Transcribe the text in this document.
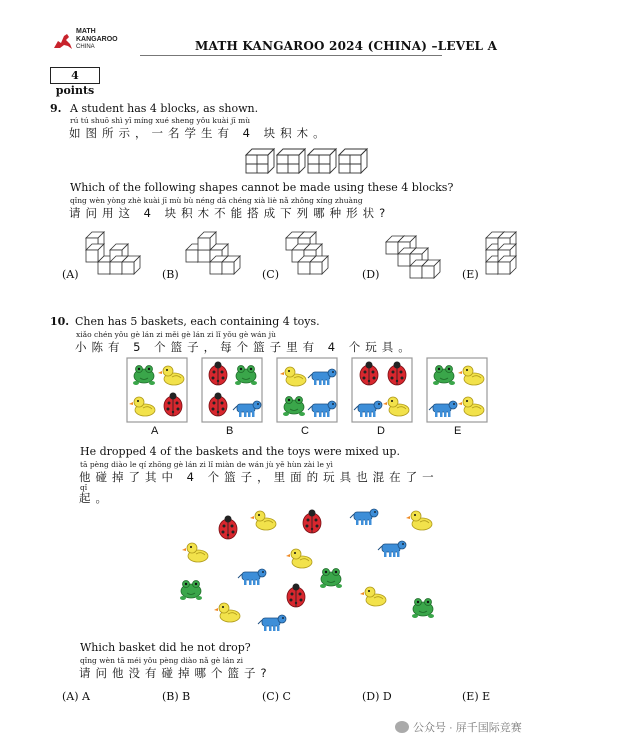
MATH
KANGAROO
CHINA	MATH KANGAROO 2024 (CHINA) –LEVEL A
4 points
9. A student has 4 blocks, as shown.
rú tú shuō shì yī míng xué sheng yǒu kuài jī mù
如图所示，一名学生有 4 块积木。
Which of the following shapes cannot be made using these 4 blocks?
qǐng wèn yòng zhè kuài jī mù bù néng dā chéng xià liè nǎ zhǒng xíng zhuàng
请问用这 4 块积木不能搭成下列哪种形状?
(A)	(B)	(C)	(D)	(E)
10. Chen has 5 baskets, each containing 4 toys.
xiǎo chén yǒu gè lán zi měi gè lán zi lǐ yǒu gè wán jù
小陈有 5 个篮子，每个篮子里有 4 个玩具。
A	B	C	D	E
He dropped 4 of the baskets and the toys were mixed up.
tā pèng diào le qí zhōng gè lán zi lǐ miàn de wán jù yě hùn zài le yì
他碰掉了其中 4 个篮子，里面的玩具也混在了一
qǐ
起。
Which basket did he not drop?
qǐng wèn tā méi yǒu pèng diào nǎ gè lán zi
请问他没有碰掉哪个篮子?
(A) A	(B) B	(C) C	(D) D	(E) E
公众号 · 屏千国际竞赛
